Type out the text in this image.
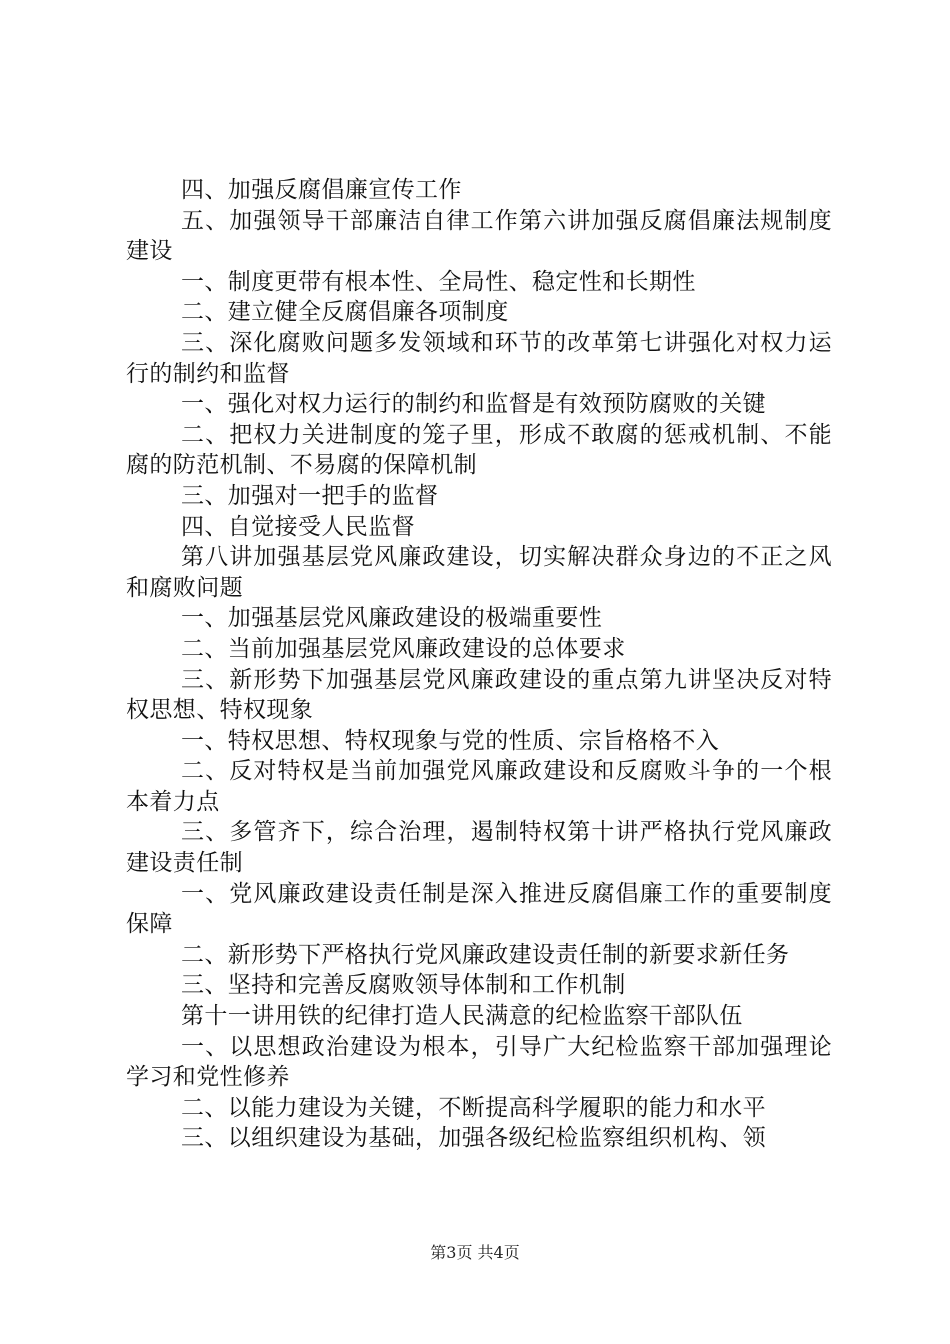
四、加强反腐倡廉宣传工作

五、加强领导干部廉洁自律工作第六讲加强反腐倡廉法规制度建设

一、制度更带有根本性、全局性、稳定性和长期性

二、建立健全反腐倡廉各项制度

三、深化腐败问题多发领域和环节的改革第七讲强化对权力运行的制约和监督

一、强化对权力运行的制约和监督是有效预防腐败的关键

二、把权力关进制度的笼子里，形成不敢腐的惩戒机制、不能腐的防范机制、不易腐的保障机制

三、加强对一把手的监督

四、自觉接受人民监督

第八讲加强基层党风廉政建设，切实解决群众身边的不正之风和腐败问题

一、加强基层党风廉政建设的极端重要性

二、当前加强基层党风廉政建设的总体要求

三、新形势下加强基层党风廉政建设的重点第九讲坚决反对特权思想、特权现象

一、特权思想、特权现象与党的性质、宗旨格格不入

二、反对特权是当前加强党风廉政建设和反腐败斗争的一个根本着力点

三、多管齐下，综合治理，遏制特权第十讲严格执行党风廉政建设责任制

一、党风廉政建设责任制是深入推进反腐倡廉工作的重要制度保障

二、新形势下严格执行党风廉政建设责任制的新要求新任务

三、坚持和完善反腐败领导体制和工作机制

第十一讲用铁的纪律打造人民满意的纪检监察干部队伍

一、以思想政治建设为根本，引导广大纪检监察干部加强理论学习和党性修养

二、以能力建设为关键，不断提高科学履职的能力和水平

三、以组织建设为基础，加强各级纪检监察组织机构、领

第3页 共4页
